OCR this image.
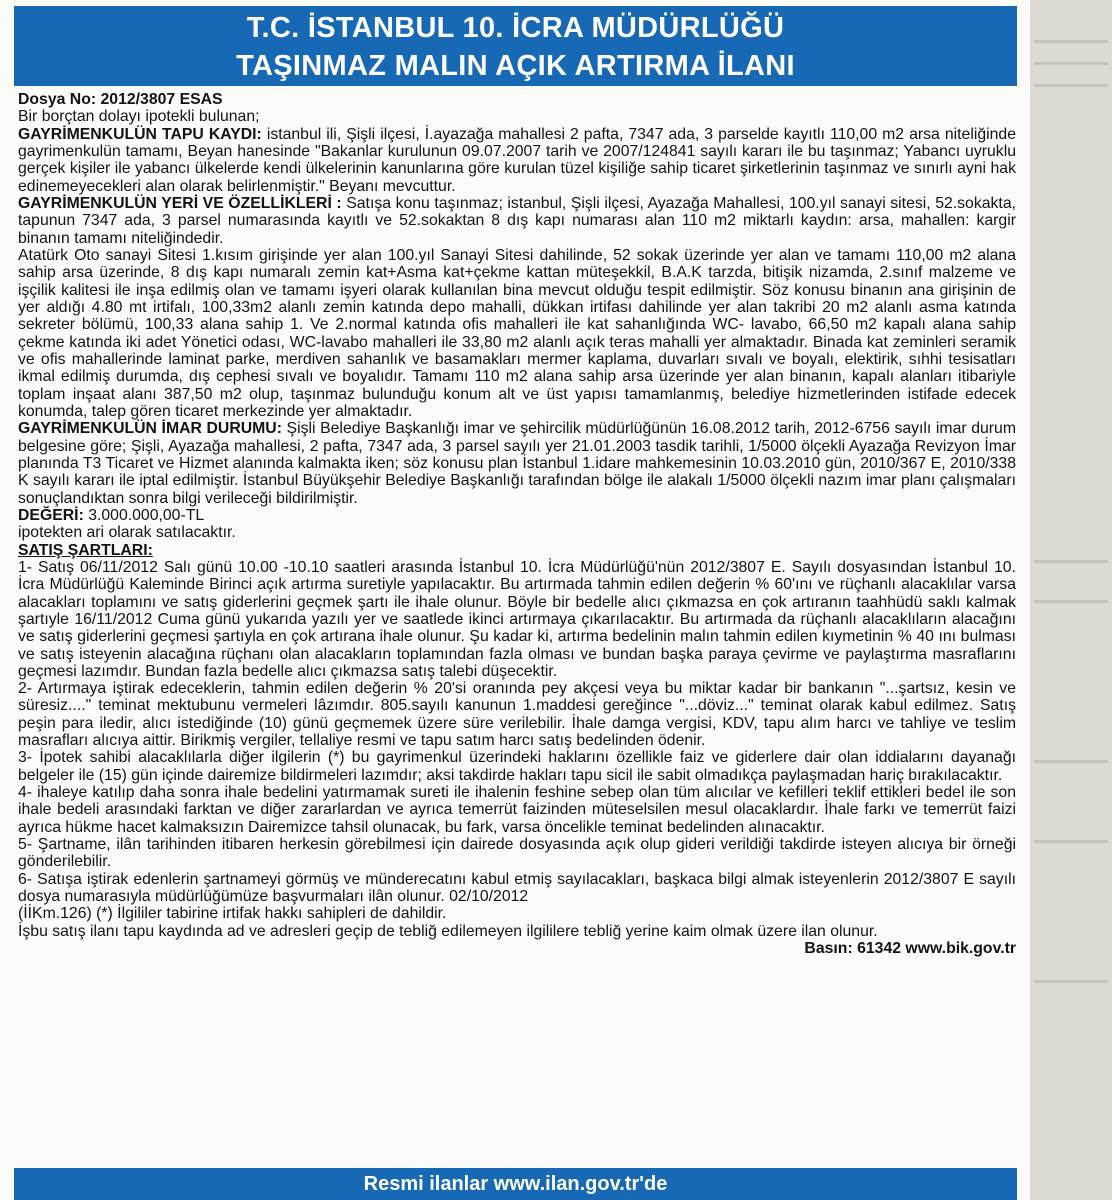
T.C. İSTANBUL 10. İCRA MÜDÜRLÜĞÜ
TAŞINMAZ MALIN AÇIK ARTIRMA İLANI

Dosya No: 2012/3807 ESAS

Bir borçtan dolayı ipotekli bulunan;

GAYRİMENKULÜN TAPU KAYDI: istanbul ili, Şişli ilçesi, İ.ayazağa mahallesi 2 pafta, 7347 ada, 3 parselde kayıtlı 110,00 m2 arsa niteliğinde gayrimenkulün tamamı, Beyan hanesinde "Bakanlar kurulunun 09.07.2007 tarih ve 2007/124841 sayılı kararı ile bu taşınmaz; Yabancı uyruklu gerçek kişiler ile yabancı ülkelerde kendi ülkelerinin kanunlarına göre kurulan tüzel kişiliğe sahip ticaret şirketlerinin taşınmaz ve sınırlı ayni hak edinemeyecekleri alan olarak belirlenmiştir." Beyanı mevcuttur.

GAYRİMENKULÜN YERİ VE ÖZELLİKLERİ : Satışa konu taşınmaz; istanbul, Şişli ilçesi, Ayazağa Mahallesi, 100.yıl sanayi sitesi, 52.sokakta, tapunun 7347 ada, 3 parsel numarasında kayıtlı ve 52.sokaktan 8 dış kapı numarası alan 110 m2 miktarlı kaydın: arsa, mahallen: kargir binanın tamamı niteliğindedir.

Atatürk Oto sanayi Sitesi 1.kısım girişinde yer alan 100.yıl Sanayi Sitesi dahilinde, 52 sokak üzerinde yer alan ve tamamı 110,00 m2 alana sahip arsa üzerinde, 8 dış kapı numaralı zemin kat+Asma kat+çekme kattan müteşekkil, B.A.K tarzda, bitişik nizamda, 2.sınıf malzeme ve işçilik kalitesi ile inşa edilmiş olan ve tamamı işyeri olarak kullanılan bina mevcut olduğu tespit edilmiştir. Söz konusu binanın ana girişinin de yer aldığı 4.80 mt irtifalı, 100,33m2 alanlı zemin katında depo mahalli, dükkan irtifası dahilinde yer alan takribi 20 m2 alanlı asma katında sekreter bölümü, 100,33 alana sahip 1. Ve 2.normal katında ofis mahalleri ile kat sahanlığında WC- lavabo, 66,50 m2 kapalı alana sahip çekme katında iki adet Yönetici odası, WC-lavabo mahalleri ile 33,80 m2 alanlı açık teras mahalli yer almaktadır. Binada kat zeminleri seramik ve ofis mahallerinde laminat parke, merdiven sahanlık ve basamakları mermer kaplama, duvarları sıvalı ve boyalı, elektirik, sıhhi tesisatları ikmal edilmiş durumda, dış cephesi sıvalı ve boyalıdır. Tamamı 110 m2 alana sahip arsa üzerinde yer alan binanın, kapalı alanları itibariyle toplam inşaat alanı 387,50 m2 olup, taşınmaz bulunduğu konum alt ve üst yapısı tamamlanmış, belediye hizmetlerinden istifade edecek konumda, talep gören ticaret merkezinde yer almaktadır.

GAYRİMENKULÜN İMAR DURUMU: Şişli Belediye Başkanlığı imar ve şehircilik müdürlüğünün 16.08.2012 tarih, 2012-6756 sayılı imar durum belgesine göre; Şişli, Ayazağa mahallesi, 2 pafta, 7347 ada, 3 parsel sayılı yer 21.01.2003 tasdik tarihli, 1/5000 ölçekli Ayazağa Revizyon İmar planında T3 Ticaret ve Hizmet alanında kalmakta iken; söz konusu plan İstanbul 1.idare mahkemesinin 10.03.2010 gün, 2010/367 E, 2010/338 K sayılı kararı ile iptal edilmiştir. İstanbul Büyükşehir Belediye Başkanlığı tarafından bölge ile alakalı 1/5000 ölçekli nazım imar planı çalışmaları sonuçlandıktan sonra bilgi verileceği bildirilmiştir.

DEĞERİ: 3.000.000,00-TL

ipotekten ari olarak satılacaktır.

SATIŞ ŞARTLARI:

1- Satış 06/11/2012 Salı günü 10.00 -10.10 saatleri arasında İstanbul 10. İcra Müdürlüğü'nün 2012/3807 E. Sayılı dosyasından İstanbul 10. İcra Müdürlüğü Kaleminde Birinci açık artırma suretiyle yapılacaktır. Bu artırmada tahmin edilen değerin % 60'ını ve rüçhanlı alacaklılar varsa alacakları toplamını ve satış giderlerini geçmek şartı ile ihale olunur. Böyle bir bedelle alıcı çıkmazsa en çok artıranın taahhüdü saklı kalmak şartıyle 16/11/2012 Cuma günü yukarıda yazılı yer ve saatlede ikinci artırmaya çıkarılacaktır. Bu artırmada da rüçhanlı alacaklıların alacağını ve satış giderlerini geçmesi şartıyla en çok artırana ihale olunur. Şu kadar ki, artırma bedelinin malın tahmin edilen kıymetinin % 40 ını bulması ve satış isteyenin alacağına rüçhanı olan alacakların toplamından fazla olması ve bundan başka paraya çevirme ve paylaştırma masraflarını geçmesi lazımdır. Bundan fazla bedelle alıcı çıkmazsa satış talebi düşecektir.

2- Artırmaya iştirak edeceklerin, tahmin edilen değerin % 20'si oranında pey akçesi veya bu miktar kadar bir bankanın "...şartsız, kesin ve süresiz...." teminat mektubunu vermeleri lâzımdır. 805.sayılı kanunun 1.maddesi gereğince "...döviz..." teminat olarak kabul edilmez. Satış peşin para iledir, alıcı istediğinde (10) günü geçmemek üzere süre verilebilir. İhale damga vergisi, KDV, tapu alım harcı ve tahliye ve teslim masrafları alıcıya aittir. Birikmiş vergiler, tellaliye resmi ve tapu satım harcı satış bedelinden ödenir.

3- İpotek sahibi alacaklılarla diğer ilgilerin (*) bu gayrimenkul üzerindeki haklarını özellikle faiz ve giderlere dair olan iddialarını dayanağı belgeler ile (15) gün içinde dairemize bildirmeleri lazımdır; aksi takdirde hakları tapu sicil ile sabit olmadıkça paylaşmadan hariç bırakılacaktır.

4- ihaleye katılıp daha sonra ihale bedelini yatırmamak sureti ile ihalenin feshine sebep olan tüm alıcılar ve kefilleri teklif ettikleri bedel ile son ihale bedeli arasındaki farktan ve diğer zararlardan ve ayrıca temerrüt faizinden müteselsilen mesul olacaklardır. İhale farkı ve temerrüt faizi ayrıca hükme hacet kalmaksızın Dairemizce tahsil olunacak, bu fark, varsa öncelikle teminat bedelinden alınacaktır.

5- Şartname, ilân tarihinden itibaren herkesin görebilmesi için dairede dosyasında açık olup gideri verildiği takdirde isteyen alıcıya bir örneği gönderilebilir.

6- Satışa iştirak edenlerin şartnameyi görmüş ve münderecatını kabul etmiş sayılacakları, başkaca bilgi almak isteyenlerin 2012/3807 E sayılı dosya numarasıyla müdürlüğümüze başvurmaları ilân olunur. 02/10/2012

(İİKm.126) (*) İlgililer tabirine irtifak hakkı sahipleri de dahildir.

İşbu satış ilanı tapu kaydında ad ve adresleri geçip de tebliğ edilemeyen ilgililere tebliğ yerine kaim olmak üzere ilan olunur.

Basın: 61342 www.bik.gov.tr

Resmi ilanlar www.ilan.gov.tr'de
